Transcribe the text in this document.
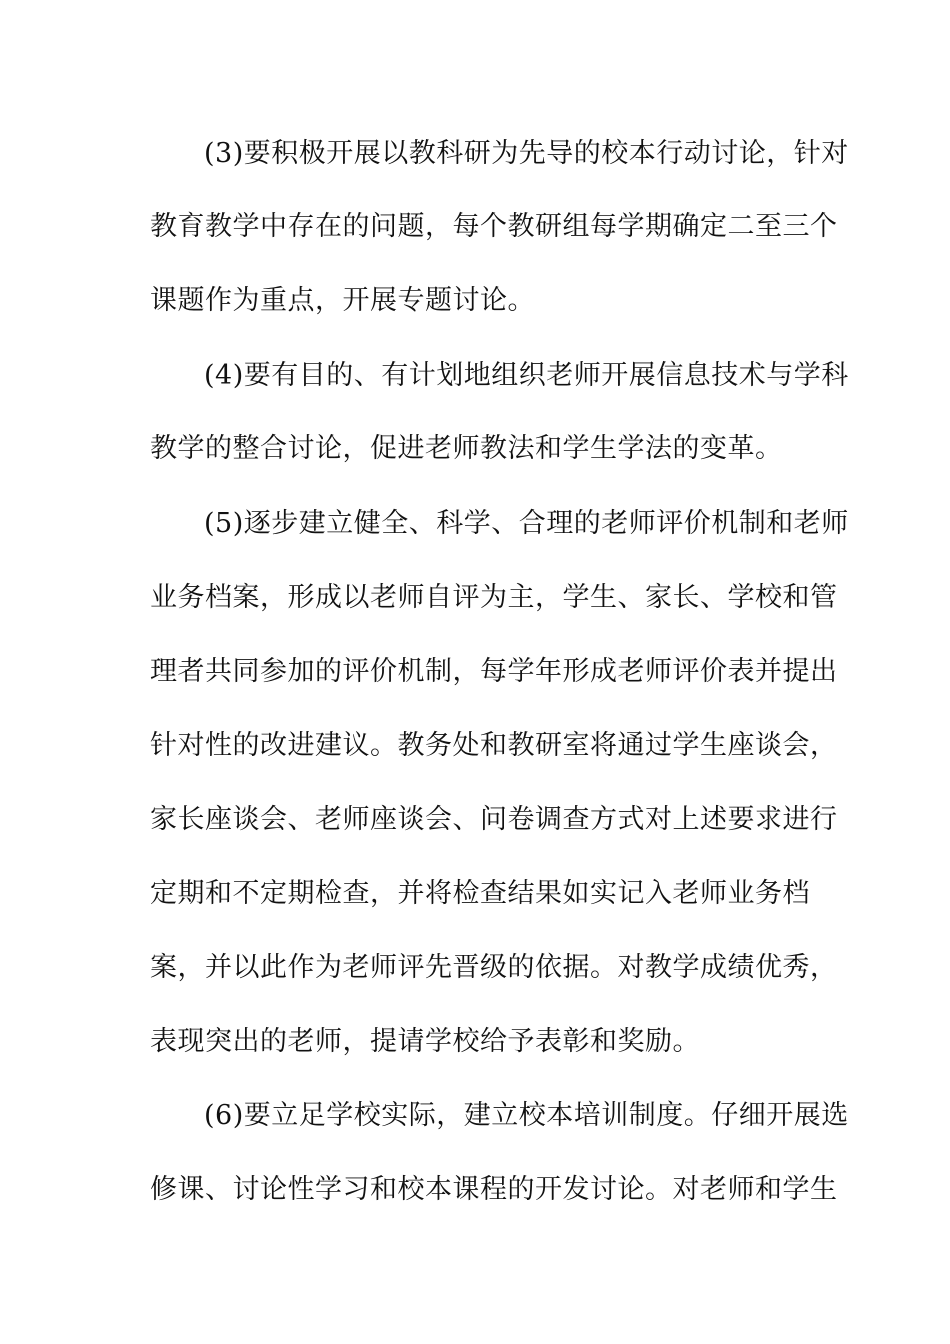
(3)要积极开展以教科研为先导的校本行动讨论，针对
教育教学中存在的问题，每个教研组每学期确定二至三个
课题作为重点，开展专题讨论。
(4)要有目的、有计划地组织老师开展信息技术与学科
教学的整合讨论，促进老师教法和学生学法的变革。
(5)逐步建立健全、科学、合理的老师评价机制和老师
业务档案，形成以老师自评为主，学生、家长、学校和管
理者共同参加的评价机制，每学年形成老师评价表并提出
针对性的改进建议。教务处和教研室将通过学生座谈会，
家长座谈会、老师座谈会、问卷调查方式对上述要求进行
定期和不定期检查，并将检查结果如实记入老师业务档
案，并以此作为老师评先晋级的依据。对教学成绩优秀，
表现突出的老师，提请学校给予表彰和奖励。
(6)要立足学校实际，建立校本培训制度。仔细开展选
修课、讨论性学习和校本课程的开发讨论。对老师和学生
